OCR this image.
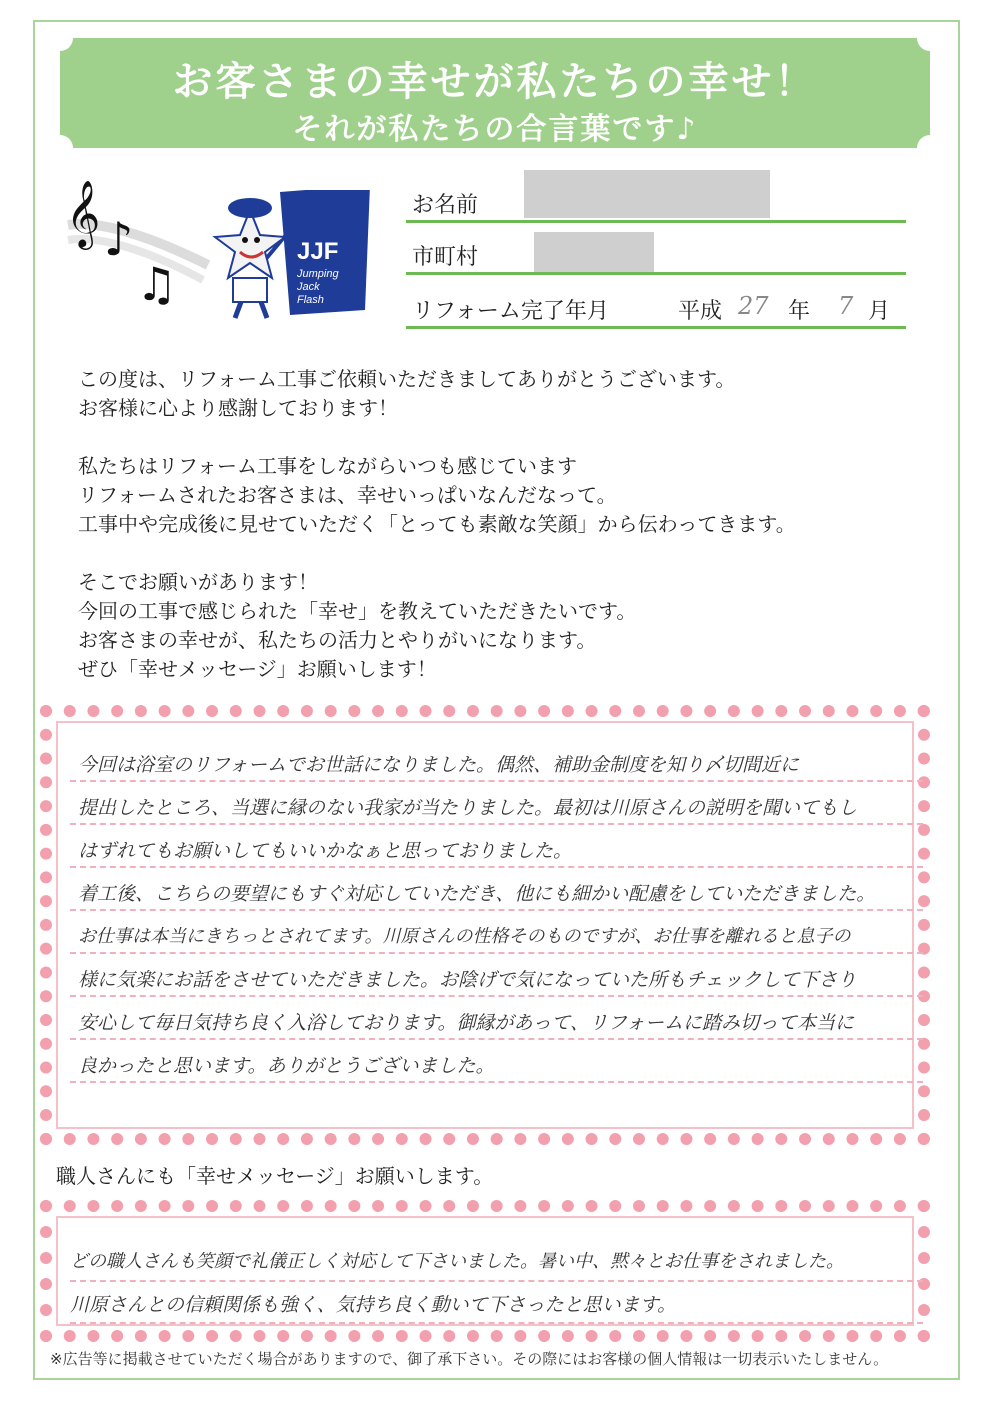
お客さまの幸せが私たちの幸せ！
それが私たちの合言葉です♪
𝄞 ♪
♫
JJF
Jumping
Jack
Flash
お名前
市町村
リフォーム完了年月	平成 27 年 7 月

この度は、リフォーム工事ご依頼いただきましてありがとうございます。
お客様に心より感謝しております！

私たちはリフォーム工事をしながらいつも感じています
リフォームされたお客さまは、幸せいっぱいなんだなって。
工事中や完成後に見せていただく「とっても素敵な笑顔」から伝わってきます。

そこでお願いがあります！
今回の工事で感じられた「幸せ」を教えていただきたいです。
お客さまの幸せが、私たちの活力とやりがいになります。
ぜひ「幸せメッセージ」お願いします！

今回は浴室のリフォームでお世話になりました。偶然、補助金制度を知り〆切間近に
提出したところ、当選に縁のない我家が当たりました。最初は川原さんの説明を聞いてもし
はずれてもお願いしてもいいかなぁと思っておりました。
着工後、こちらの要望にもすぐ対応していただき、他にも細かい配慮をしていただきました。
お仕事は本当にきちっとされてます。川原さんの性格そのものですが、お仕事を離れると息子の
様に気楽にお話をさせていただきました。お陰げで気になっていた所もチェックして下さり
安心して毎日気持ち良く入浴しております。御縁があって、リフォームに踏み切って本当に
良かったと思います。ありがとうございました。
職人さんにも「幸せメッセージ」お願いします。
どの職人さんも笑顔で礼儀正しく対応して下さいました。暑い中、黙々とお仕事をされました。
川原さんとの信頼関係も強く、気持ち良く動いて下さったと思います。
※広告等に掲載させていただく場合がありますので、御了承下さい。その際にはお客様の個人情報は一切表示いたしません。
